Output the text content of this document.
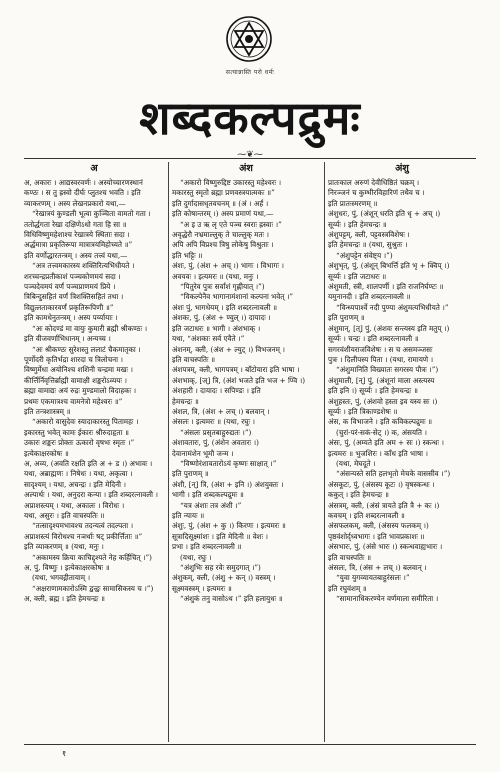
सत्यान्नास्ति परो धर्मः
शब्दकल्पद्रुमः
⁓❦⁓
अ
अ, अकारः । आद्यस्वरवर्णः । अस्योच्चारणस्थानं
कण्ठः । स तु ह्रस्वो दीर्घः प्लुतश्च भवति । इति
व्याकरणम् । अस्य लेखनप्रकारो यथा,—
“रेखात्रयं कुण्डली भूत्वा कुञ्चिता वामतो गता ।
ततोर्द्धगता रेखा दक्षिणेऽधो गता हि सा ॥
विधिविष्णुमहेशाश्च रेखात्रये स्थिताः सदा ।
अर्द्धमात्रा प्रकृतिरूपा मात्रात्रयमिहोच्यते ॥”
इति वर्णोद्धारतन्त्रम् । अस्य तत्त्वं यथा,—
“अत्र तत्त्वमकारस्य शक्तिरित्यभिधीयते ।
शरच्चन्द्रप्रतीकाशं पञ्चकोणमयं सदा ।
पञ्चदेवमयं वर्णं पञ्चप्राणमयं प्रिये ।
त्रिबिन्दुसहितं वर्णं त्रिशक्तिसहितं तथा ।
विद्युत्लताकारवर्णं प्रकृतिरूपिणी ॥”
इति कामधेनुतन्त्रम् । अस्य पर्य्यायाः ।
“अः कोदण्डं मा वायुः कुमारी ब्रह्मी श्रीकण्ठः ।
इति वीजवर्णाभिधानम् । अन्यच्च ।
“अः श्रीकण्ठः सुरेशस्तु ललाटं चैकमातृका ।
पूर्णोदरी कृतिर्भद्रा शारदा च त्रिलोचना ।
विष्णुर्मेधा अयोनिश्च शशिनी चन्द्रमा मखः ।
कीर्त्तिर्निवृत्तिर्ब्राह्मी वामाक्षी शङ्करोऽव्ययः ।
ब्रह्मा वामाद्यः अयं रुद्रः मुण्डमालो विदाहकः ।
प्रथमः एकमात्रश्च वामनेत्रो महेश्वरः ॥”
इति तन्त्रशास्त्रम् ॥
“अकारो वासुदेवः स्यादाकारस्तु पितामहः ।
इकारस्तु भवेत् कामः ईकारः श्रीरुदाहृता ॥
उकारः शङ्करः प्रोक्तः ऊकारो वृषभः स्मृतः ।”
इत्येकाक्षरकोषः ॥
अ, अव्य, (अवति रक्षति इति अ + ड ।) अभावः ।
यथा, अब्राह्मणः । निषेधः । यथा, अकृत्वा ।
सादृश्यम् । यथा, अचन्द्रः । इति मेदिनी ।
अल्पार्थः । यथा, अनुदरा कन्या । इति शब्दरत्नावली ।
अप्राशस्त्यम् । यथा, अकालः । विरोधः ।
यथा, असुरः । इति वाचस्पतिः ॥
“तत्सादृश्यमभावश्च तदन्यत्वं तदल्पता ।
अप्राशस्त्यं विरोधश्च नञर्थाः षट् प्रकीर्त्तिताः ॥”
इति व्याकरणम् ॥ (यथा, मनुः ।
“अकामस्य क्रिया काचिद्दृश्यते नेह कर्हिचित् ।”)
अ, पुं, विष्णुः । इत्येकाक्षरकोषः ॥
(यथा, भगवद्गीतायाम् ।
“अक्षराणामकारोऽस्मि द्वन्द्वः सामासिकस्य च ।”)
अ, क्ली, ब्रह्म । इति हेमचन्द्रः ॥
अंश
“अकारो विष्णुरुद्दिष्ट उकारस्तु महेश्वरः ।
मकारस्तु स्मृतो ब्रह्मा प्रणवस्त्रयात्मकः ॥”
इति दुर्गादासधृतवचनम् ॥ (अं । अर्हं ।
इति कोषान्तरम् ।) अस्य प्रमाणं यथा,—
“अ इ उ ऋ लृ एते पञ्च स्वराः ह्रस्वाः ।”
अवृद्धेरौ नभ्रमाल्लुक् ते चाल्लुक् मतः ।
अपि अपि विप्रश्च त्रिषु लोकेषु विश्रुताः ।
इति भट्टिः ॥
अंशः, पुं, (अंश + अच् ।) भागः । विभागः ।
अवयवः । इत्यमरः ॥ (यथा, मनुः ।
“पितुरेव पुत्रः सर्वांशं गृह्णीयात् ।”)
“विकल्पेनैव भागानामंशानां कल्पना भवेत् ।”
अंशः पुं, भागधेयम् । इति शब्दरत्नावली ॥
अंशकः, पुं, (अंश + ण्वुल् ।) दायादः ।
इति जटाधरः ॥ भागी । अंशभाक् ।
यथा, “अंशकाः सर्व एवैते ।”
अंशनम्, क्ली, (अंश + ल्युट् ।) विभजनम् ।
इति वाचस्पतिः ॥
अंशपत्रम्, क्ली, भागपत्रम् । बाँटोयारा इति भाषा ।
अंशभाक्, [ज्] त्रि, (अंशं भजते इति भज + ण्वि ।)
अंशहारी । दायादः । सपिण्डः । इति
हेमचन्द्रः ॥
अंशल, त्रि, (अंश + लच् ।) बलवान् ।
अंसलः । इत्यमरः ॥ (यथा, रघुः ।
“अंसलः प्रसृतबाहुरुद्यतः ।”)
अंशावतारः, पुं, (अंशेन अवतारः ।)
देवानामंशेन भूमौ जन्म ।
“विष्णोरंशावतारोऽयं कृष्णः साक्षात् ।”
इति पुराणम् ॥
अंशी, [न्] त्रि, (अंश + इनि ।) अंशयुक्तः ।
भागी । इति शब्दकल्पद्रुमः ॥
“यत्र अंशाः तत्र अंशी ।”
इति न्यायः ॥
अंशुः, पुं, (अंश + कु ।) किरणः । इत्यमरः ॥
सूत्रादिसूक्ष्मांशः । इति मेदिनी ॥ वेशः ।
प्रभा । इति शब्दरत्नावली ॥
(यथा, रघुः ।
“अंशुभिः सह रवेः समुदगात् ।”)
अंशुकम्, क्ली, (अंशु + कन् ।) वस्त्रम् ।
सूक्ष्मवस्त्रम् । इत्यमरः ॥
“अंशुकं तनु वासोऽथ ।” इति हलायुधः ॥
अंशु
प्रातःकाल अरुणं देवीधिष्ठितं चक्रम् ।
निरञ्जनं च कुम्भीरविहारिणं तथैव च ।
इति प्रातःस्मरणम् ॥
अंशुधरः, पुं, (अंशून् धरति इति धृ + अच् ।)
सूर्य्यः । इति हेमचन्द्रः ॥
अंशुपट्टम्, क्ली, पट्टवस्त्रविशेषः ।
इति हेमचन्द्रः ॥ (यथा, सुश्रुतः ।
“अंशुपट्टेन संवेष्ट्य ।”)
अंशुभृत्, पुं, (अंशून् बिभर्त्ति इति भृ + क्विप् ।)
सूर्य्यः । इति जटाधरः ॥
अंशुमती, स्त्री, शालपर्णी । इति राजनिर्घण्टः ॥
यमुनानदी । इति शब्दरत्नावली ॥
“विन्ध्यपार्श्वे नदी पुण्या अंशुमत्यभिधीयते ।”
इति पुराणम् ॥
अंशुमान्, [त्] पुं, (अंशवः सन्त्यस्य इति मतुप् ।)
सूर्य्यः । चन्द्रः । इति शब्दरत्नावली ॥
सगरवंशीयराजविशेषः । स च असमञ्जसः
पुत्रः । दिलीपस्य पिता । (यथा, रामायणे ।
“अंशुमानिति विख्यातः सगरस्य पौत्रः ।”)
अंशुमाली, [न्] पुं, (अंशूनां माला अस्त्यस्य
इति इनि ।) सूर्य्यः । इति हेमचन्द्रः ॥
अंशुहस्तः, पुं, (अंशवो हस्ता इव यस्य सः ।)
सूर्य्यः । इति त्रिकाण्डशेषः ॥
अंस, क विभाजने । इति कविकल्पद्रुमः ॥
(चुरां-परं-सकं-सेट् ।) क, अंसयति ।
अंसः, पुं, (अम्यते इति अम + सः ।) स्कन्धः ।
इत्यमरः ॥ भुजशिरः । काँध इति भाषा ।
(यथा, मेघदूते ।
“अंसन्यस्ते सति हलभृतो मेचके वाससीव ।”)
अंसकूटः, पुं, (अंसस्य कूटः ।) वृषस्कन्धः ।
ककुत् । इति हेमचन्द्रः ॥
अंसत्रम्, क्ली, (अंसं त्रायते इति त्रै + कः ।)
कवचम् । इति शब्दरत्नावली ॥
अंसफलकम्, क्ली, (अंसस्य फलकम् ।)
पृष्ठवंशोर्द्ध्वभागः । इति भावप्रकाशः ॥
अंसभारः, पुं, (अंसे भारः ।) स्कन्धवाह्यभारः ।
इति वाचस्पतिः ॥
अंसलः, त्रि, (अंस + लच् ।) बलवान् ।
“युवा युगव्यायतबाहुरंसलः ।”
इति रघुवंशम् ॥
“सामानाधिकरण्येन वर्णमाला समीरिता ।
१
